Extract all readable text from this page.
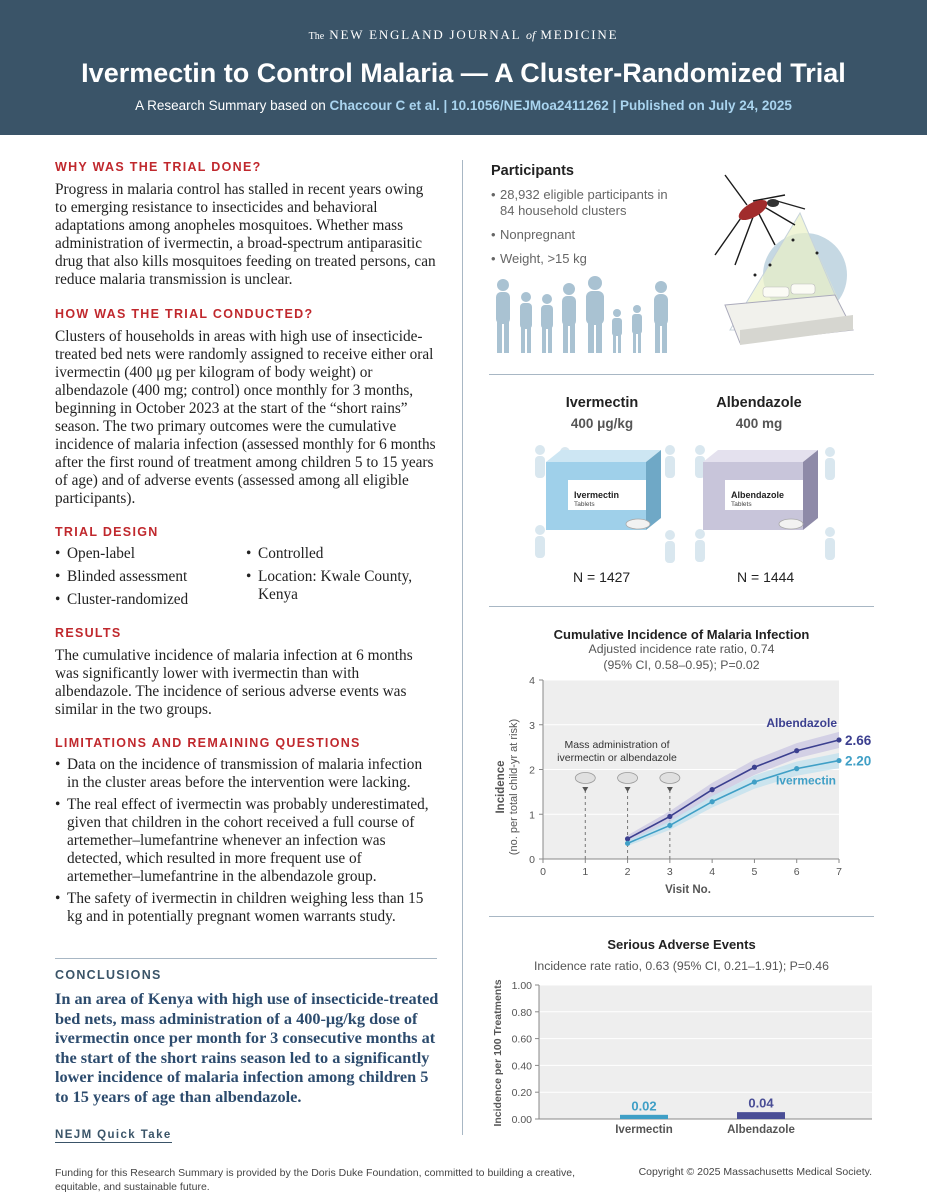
The NEW ENGLAND JOURNAL of MEDICINE
Ivermectin to Control Malaria — A Cluster-Randomized Trial
A Research Summary based on Chaccour C et al. | 10.1056/NEJMoa2411262 | Published on July 24, 2025
WHY WAS THE TRIAL DONE?

Progress in malaria control has stalled in recent years owing to emerging resistance to insecticides and behavioral adaptations among anopheles mosquitoes. Whether mass administration of ivermectin, a broad-spectrum antiparasitic drug that also kills mosquitoes feeding on treated persons, can reduce malaria transmission is unclear.

HOW WAS THE TRIAL CONDUCTED?

Clusters of households in areas with high use of insecticide-treated bed nets were randomly assigned to receive either oral ivermectin (400 μg per kilogram of body weight) or albendazole (400 mg; control) once monthly for 3 months, beginning in October 2023 at the start of the “short rains” season. The two primary outcomes were the cumulative incidence of malaria infection (assessed monthly for 6 months after the first round of treatment among children 5 to 15 years of age) and of adverse events (assessed among all eligible participants).

TRIAL DESIGN
• Open-label
• Blinded assessment
• Cluster-randomized
• Controlled
• Location: Kwale County, Kenya
RESULTS

The cumulative incidence of malaria infection at 6 months was significantly lower with ivermectin than with albendazole. The incidence of serious adverse events was similar in the two groups.

LIMITATIONS AND REMAINING QUESTIONS
• Data on the incidence of transmission of malaria infection in the cluster areas before the intervention were lacking.
• The real effect of ivermectin was probably underestimated, given that children in the cohort received a full course of artemether–lumefantrine whenever an infection was detected, which resulted in more frequent use of artemether–lumefantrine in the albendazole group.
• The safety of ivermectin in children weighing less than 15 kg and in potentially pregnant women warrants study.
CONCLUSIONS

In an area of Kenya with high use of insecticide-treated bed nets, mass administration of a 400-μg/kg dose of ivermectin once per month for 3 consecutive months at the start of the short rains season led to a significantly lower incidence of malaria infection among children 5 to 15 years of age than albendazole.

NEJM Quick Take
Participants
• 28,932 eligible participants in 84 household clusters
• Nonpregnant
• Weight, >15 kg
Ivermectin
400 μg/kg
Albendazole
400 mg
Ivermectin
Tablets
Albendazole
Tablets
N = 1427	N = 1444
Cumulative Incidence of Malaria Infection
Adjusted incidence rate ratio, 0.74
(95% CI, 0.58–0.95); P=0.02
0
1
2
3
4
0	1	2	3	4	5	6	7
Incidence (no. per total child-yr at risk)
Visit No.
Mass administration of
ivermectin or albendazole
Albendazole
Ivermectin
2.66
2.20
Serious Adverse Events
Incidence rate ratio, 0.63 (95% CI, 0.21–1.91); P=0.46
0.00
0.20
0.40
0.60
0.80
1.00
0.02
Ivermectin
0.04
Albendazole
Incidence per 100 Treatments
Funding for this Research Summary is provided by the Doris Duke Foundation, committed to building a creative, equitable, and sustainable future.
Copyright © 2025 Massachusetts Medical Society.
